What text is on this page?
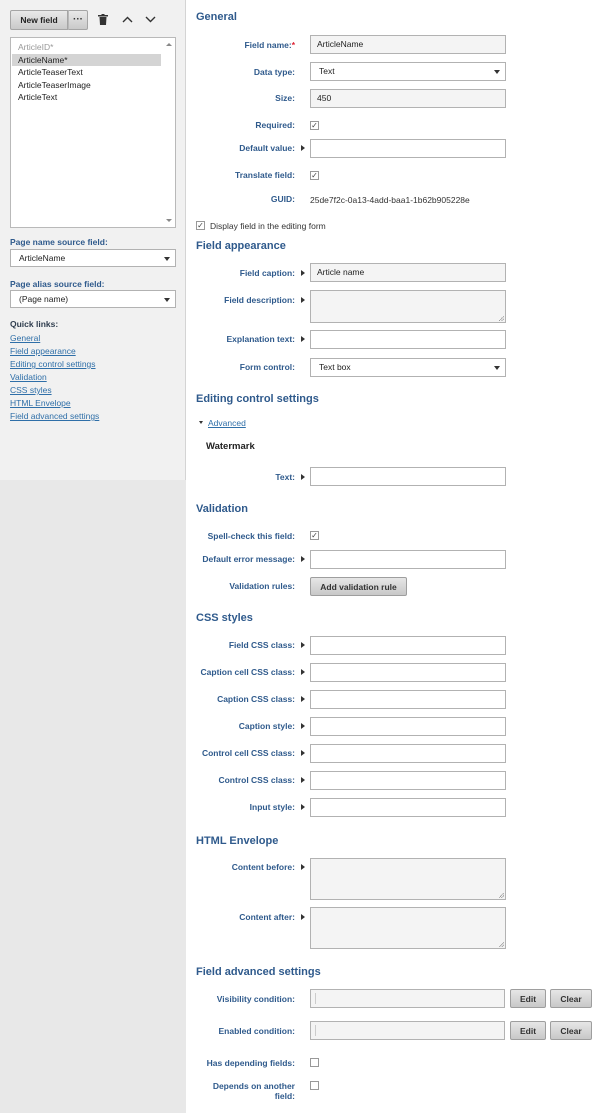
New field	···
ArticleID*
ArticleName*
ArticleTeaserText
ArticleTeaserImage
ArticleText
Page name source field:
ArticleName
Page alias source field:
(Page name)
Quick links:
General
Field appearance
Editing control settings
Validation
CSS styles
HTML Envelope
Field advanced settings
General
Field name:*	ArticleName
Data type:	Text
Size:	450
Required: ✓
Default value:
Translate field: ✓
GUID: 25de7f2c-0a13-4add-baa1-1b62b905228e
✓ Display field in the editing form
Field appearance
Field caption:	Article name
Field description:
Explanation text:
Form control:	Text box
Editing control settings
Advanced
Watermark
Text:
Validation
Spell-check this field: ✓
Default error message:
Validation rules:	Add validation rule
CSS styles
Field CSS class:
Caption cell CSS class:
Caption CSS class:
Caption style:
Control cell CSS class:
Control CSS class:
Input style:
HTML Envelope
Content before:
Content after:
Field advanced settings
Visibility condition:	Edit	Clear
Enabled condition:	Edit	Clear
Has depending fields:
Depends on another
field:
